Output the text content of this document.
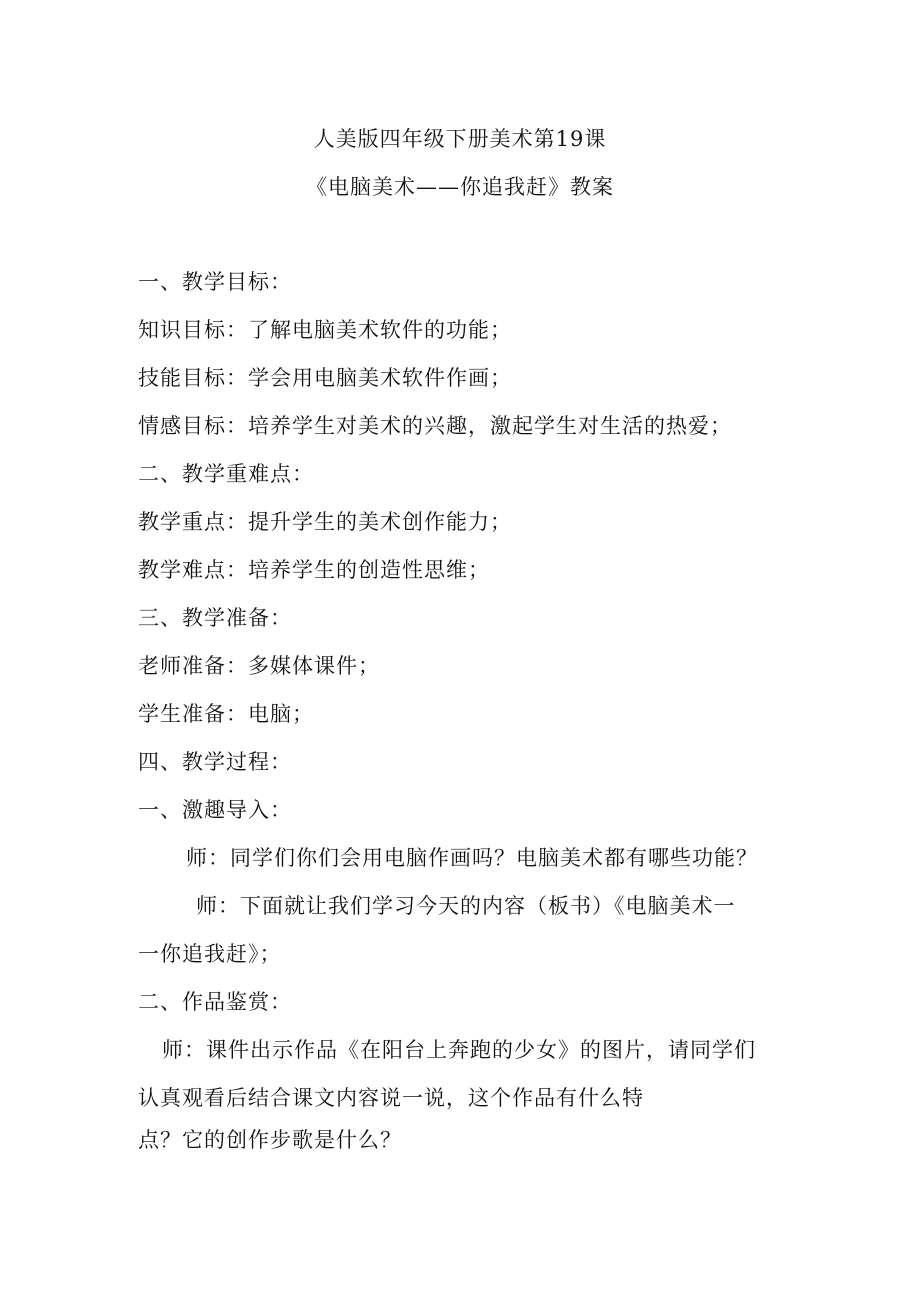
人美版四年级下册美术第19课
《电脑美术——你追我赶》教案
一、教学目标：
知识目标：了解电脑美术软件的功能；
技能目标：学会用电脑美术软件作画；
情感目标：培养学生对美术的兴趣，激起学生对生活的热爱；
二、教学重难点：
教学重点：提升学生的美术创作能力；
教学难点：培养学生的创造性思维；
三、教学准备：
老师准备：多媒体课件；
学生准备：电脑；
四、教学过程：
一、激趣导入：
师：同学们你们会用电脑作画吗？电脑美术都有哪些功能？
师：下面就让我们学习今天的内容（板书）《电脑美术一
一你追我赶》；
二、作品鉴赏：
师：课件出示作品《在阳台上奔跑的少女》的图片，请同学们
认真观看后结合课文内容说一说，这个作品有什么特
点？它的创作步歌是什么？
